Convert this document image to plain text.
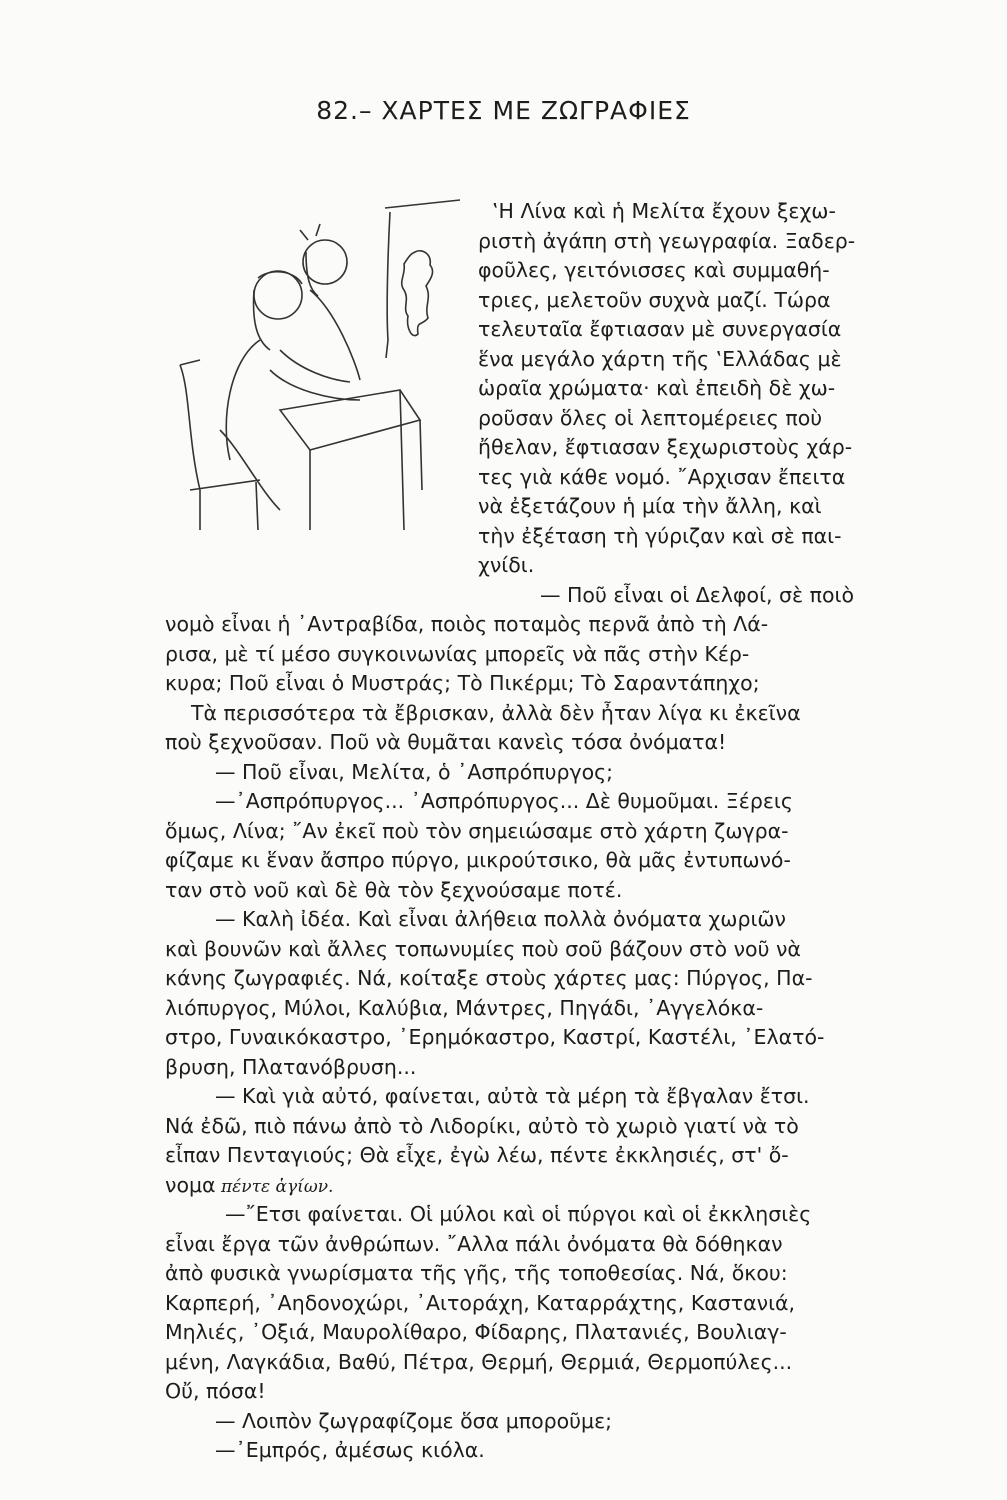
82.– ΧΑΡΤΕΣ ΜΕ ΖΩΓΡΑΦΙΕΣ
‛Η Λίνα καὶ ἡ Μελίτα ἔχουν ξεχω-
ριστὴ ἀγάπη στὴ γεωγραφία. Ξαδερ-
φοῦλες, γειτόνισσες καὶ συμμαθή-
τριες, μελετοῦν συχνὰ μαζί. Τώρα
τελευταῖα ἔφτιασαν μὲ συνεργασία
ἕνα μεγάλο χάρτη τῆς ‛Ελλάδας μὲ
ὡραῖα χρώματα· καὶ ἐπειδὴ δὲ χω-
ροῦσαν ὅλες οἱ λεπτομέρειες ποὺ
ἤθελαν, ἔφτιασαν ξεχωριστοὺς χάρ-
τες γιὰ κάθε νομό. ῎Αρχισαν ἔπειτα
νὰ ἐξετάζουν ἡ μία τὴν ἄλλη, καὶ
τὴν ἐξέταση τὴ γύριζαν καὶ σὲ παι-
χνίδι.
— Ποῦ εἶναι οἱ Δελφοί, σὲ ποιὸ
νομὸ εἶναι ἡ ᾿Αντραβίδα, ποιὸς ποταμὸς περνᾶ ἀπὸ τὴ Λά-
ρισα, μὲ τί μέσο συγκοινωνίας μπορεῖς νὰ πᾶς στὴν Κέρ-
κυρα; Ποῦ εἶναι ὁ Μυστράς; Τὸ Πικέρμι; Τὸ Σαραντάπηχο;
Τὰ περισσότερα τὰ ἔβρισκαν, ἀλλὰ δὲν ἦταν λίγα κι ἐκεῖνα
ποὺ ξεχνοῦσαν. Ποῦ νὰ θυμᾶται κανεὶς τόσα ὀνόματα!
— Ποῦ εἶναι, Μελίτα, ὁ ᾿Ασπρόπυργος;
—᾿Ασπρόπυργος... ᾿Ασπρόπυργος... Δὲ θυμοῦμαι. Ξέρεις
ὅμως, Λίνα; ῎Αν ἐκεῖ ποὺ τὸν σημειώσαμε στὸ χάρτη ζωγρα-
φίζαμε κι ἕναν ἄσπρο πύργο, μικρούτσικο, θὰ μᾶς ἐντυπωνό-
ταν στὸ νοῦ καὶ δὲ θὰ τὸν ξεχνούσαμε ποτέ.
— Καλὴ ἰδέα. Καὶ εἶναι ἀλήθεια πολλὰ ὀνόματα χωριῶν
καὶ βουνῶν καὶ ἄλλες τοπωνυμίες ποὺ σοῦ βάζουν στὸ νοῦ νὰ
κάνης ζωγραφιές. Νά, κοίταξε στοὺς χάρτες μας: Πύργος, Πα-
λιόπυργος, Μύλοι, Καλύβια, Μάντρες, Πηγάδι, ᾿Αγγελόκα-
στρο, Γυναικόκαστρο, ᾿Ερημόκαστρο, Καστρί, Καστέλι, ᾿Ελατό-
βρυση, Πλατανόβρυση...
— Καὶ γιὰ αὐτό, φαίνεται, αὐτὰ τὰ μέρη τὰ ἔβγαλαν ἔτσι.
Νά ἐδῶ, πιὸ πάνω ἀπὸ τὸ Λιδορίκι, αὐτὸ τὸ χωριὸ γιατί νὰ τὸ
εἶπαν Πενταγιούς; Θὰ εἶχε, ἐγὼ λέω, πέντε ἐκκλησιές, στ' ὄ-
νομα πέντε ἁγίων.
—῎Ετσι φαίνεται. Οἱ μύλοι καὶ οἱ πύργοι καὶ οἱ ἐκκλησιὲς
εἶναι ἔργα τῶν ἀνθρώπων. ῎Αλλα πάλι ὀνόματα θὰ δόθηκαν
ἀπὸ φυσικὰ γνωρίσματα τῆς γῆς, τῆς τοποθεσίας. Νά, ὅκου:
Καρπερή, ᾿Αηδονοχώρι, ᾿Αιτοράχη, Καταρράχτης, Καστανιά,
Μηλιές, ᾿Οξιά, Μαυρολίθαρο, Φίδαρης, Πλατανιές, Βουλιαγ-
μένη, Λαγκάδια, Βαθύ, Πέτρα, Θερμή, Θερμιά, Θερμοπύλες...
Οὔ, πόσα!
— Λοιπὸν ζωγραφίζομε ὅσα μποροῦμε;
—᾿Εμπρός, ἀμέσως κιόλα.
